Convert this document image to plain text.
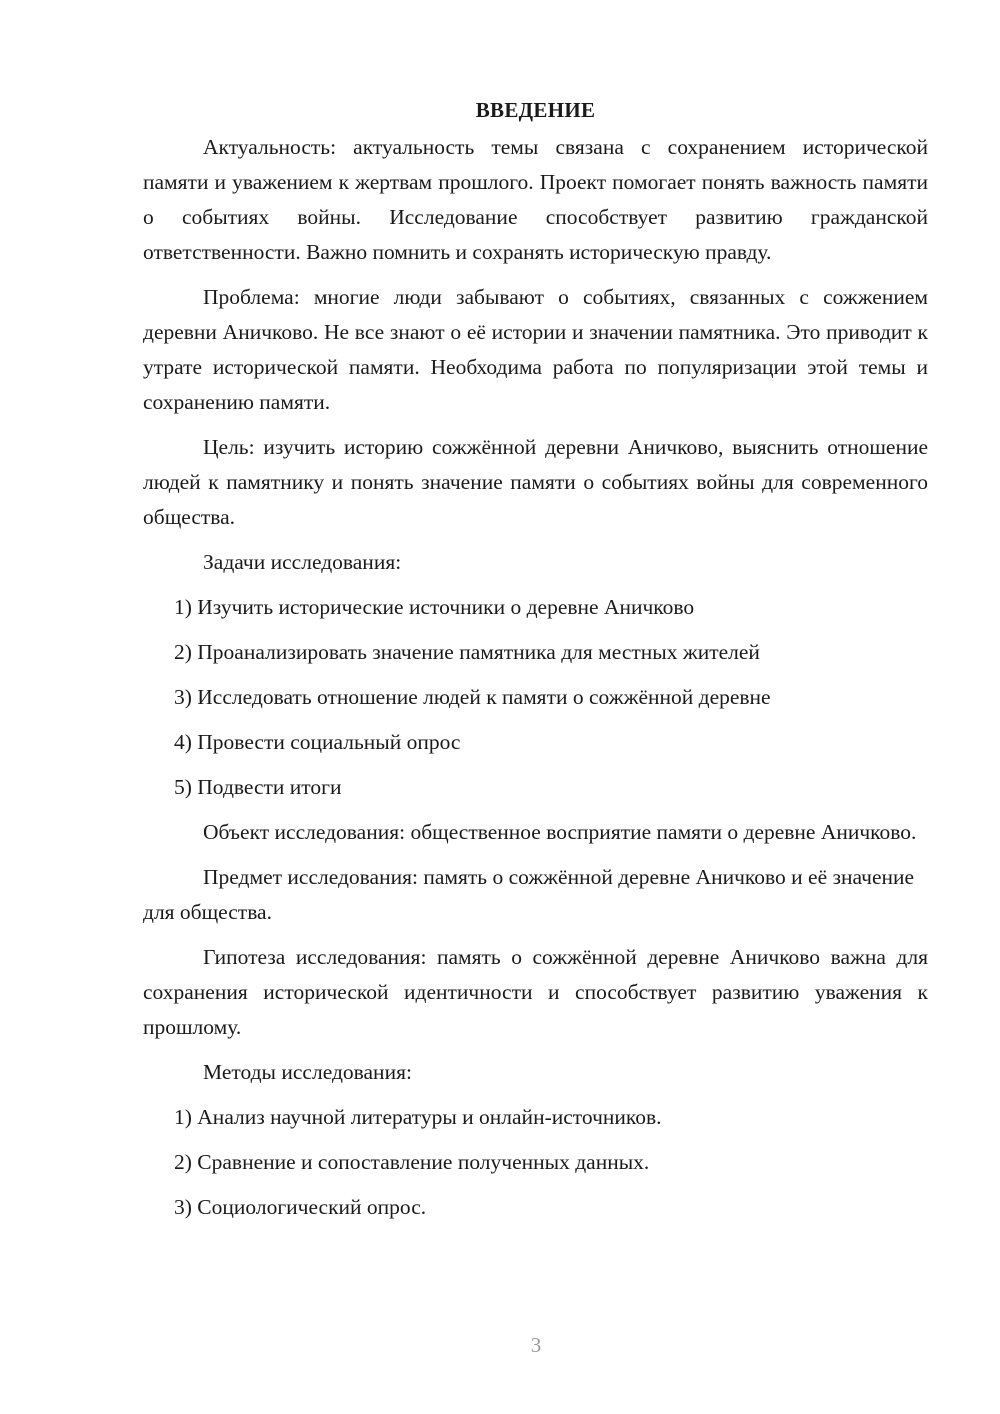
ВВЕДЕНИЕ

Актуальность: актуальность темы связана с сохранением исторической памяти и уважением к жертвам прошлого. Проект помогает понять важность памяти о событиях войны. Исследование способствует развитию гражданской ответственности. Важно помнить и сохранять историческую правду.

Проблема: многие люди забывают о событиях, связанных с сожжением деревни Аничково. Не все знают о её истории и значении памятника. Это приводит к утрате исторической памяти. Необходима работа по популяризации этой темы и сохранению памяти.

Цель: изучить историю сожжённой деревни Аничково, выяснить отношение людей к памятнику и понять значение памяти о событиях войны для современного общества.

Задачи исследования:

1) Изучить исторические источники о деревне Аничково

2) Проанализировать значение памятника для местных жителей

3) Исследовать отношение людей к памяти о сожжённой деревне

4) Провести социальный опрос

5) Подвести итоги

Объект исследования: общественное восприятие памяти о деревне Аничково.

Предмет исследования: память о сожжённой деревне Аничково и её значение для общества.

Гипотеза исследования: память о сожжённой деревне Аничково важна для сохранения исторической идентичности и способствует развитию уважения к прошлому.

Методы исследования:

1) Анализ научной литературы и онлайн-источников.

2) Сравнение и сопоставление полученных данных.

3) Социологический опрос.

3
